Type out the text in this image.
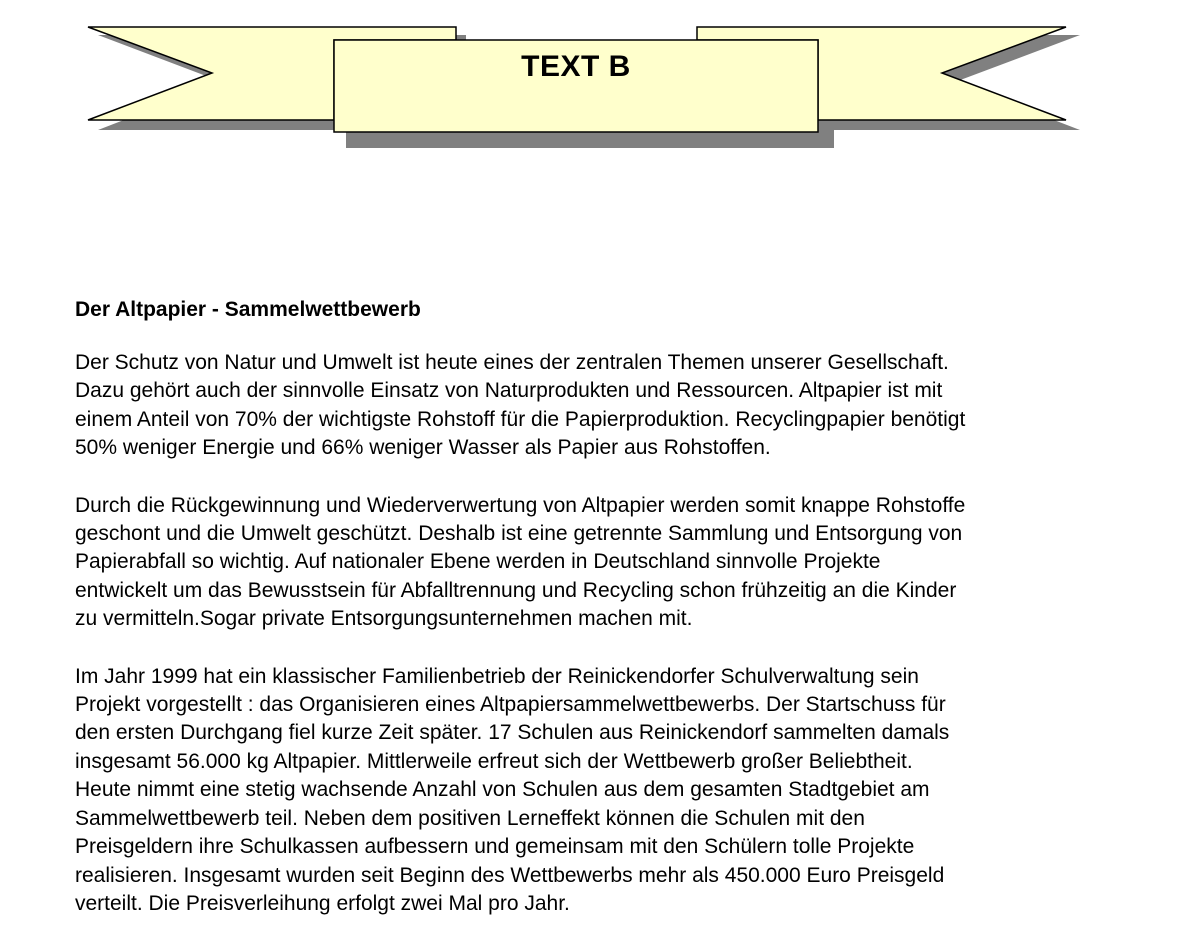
TEXT B
Der Altpapier - Sammelwettbewerb

Der Schutz von Natur und Umwelt ist heute eines der zentralen Themen unserer Gesellschaft.
Dazu gehört auch der sinnvolle Einsatz von Naturprodukten und Ressourcen. Altpapier ist mit
einem Anteil von 70% der wichtigste Rohstoff für die Papierproduktion. Recyclingpapier benötigt
50% weniger Energie und 66% weniger Wasser als Papier aus Rohstoffen.

Durch die Rückgewinnung und Wiederverwertung von Altpapier werden somit knappe Rohstoffe
geschont und die Umwelt geschützt. Deshalb ist eine getrennte Sammlung und Entsorgung von
Papierabfall so wichtig. Auf nationaler Ebene werden in Deutschland sinnvolle Projekte
entwickelt um das Bewusstsein für Abfalltrennung und Recycling schon frühzeitig an die Kinder
zu vermitteln.Sogar private Entsorgungsunternehmen machen mit.

Im Jahr 1999 hat ein klassischer Familienbetrieb der Reinickendorfer Schulverwaltung sein
Projekt vorgestellt : das Organisieren eines Altpapiersammelwettbewerbs. Der Startschuss für
den ersten Durchgang fiel kurze Zeit später. 17 Schulen aus Reinickendorf sammelten damals
insgesamt 56.000 kg Altpapier. Mittlerweile erfreut sich der Wettbewerb großer Beliebtheit.
Heute nimmt eine stetig wachsende Anzahl von Schulen aus dem gesamten Stadtgebiet am
Sammelwettbewerb teil. Neben dem positiven Lerneffekt können die Schulen mit den
Preisgeldern ihre Schulkassen aufbessern und gemeinsam mit den Schülern tolle Projekte
realisieren. Insgesamt wurden seit Beginn des Wettbewerbs mehr als 450.000 Euro Preisgeld
verteilt. Die Preisverleihung erfolgt zwei Mal pro Jahr.
